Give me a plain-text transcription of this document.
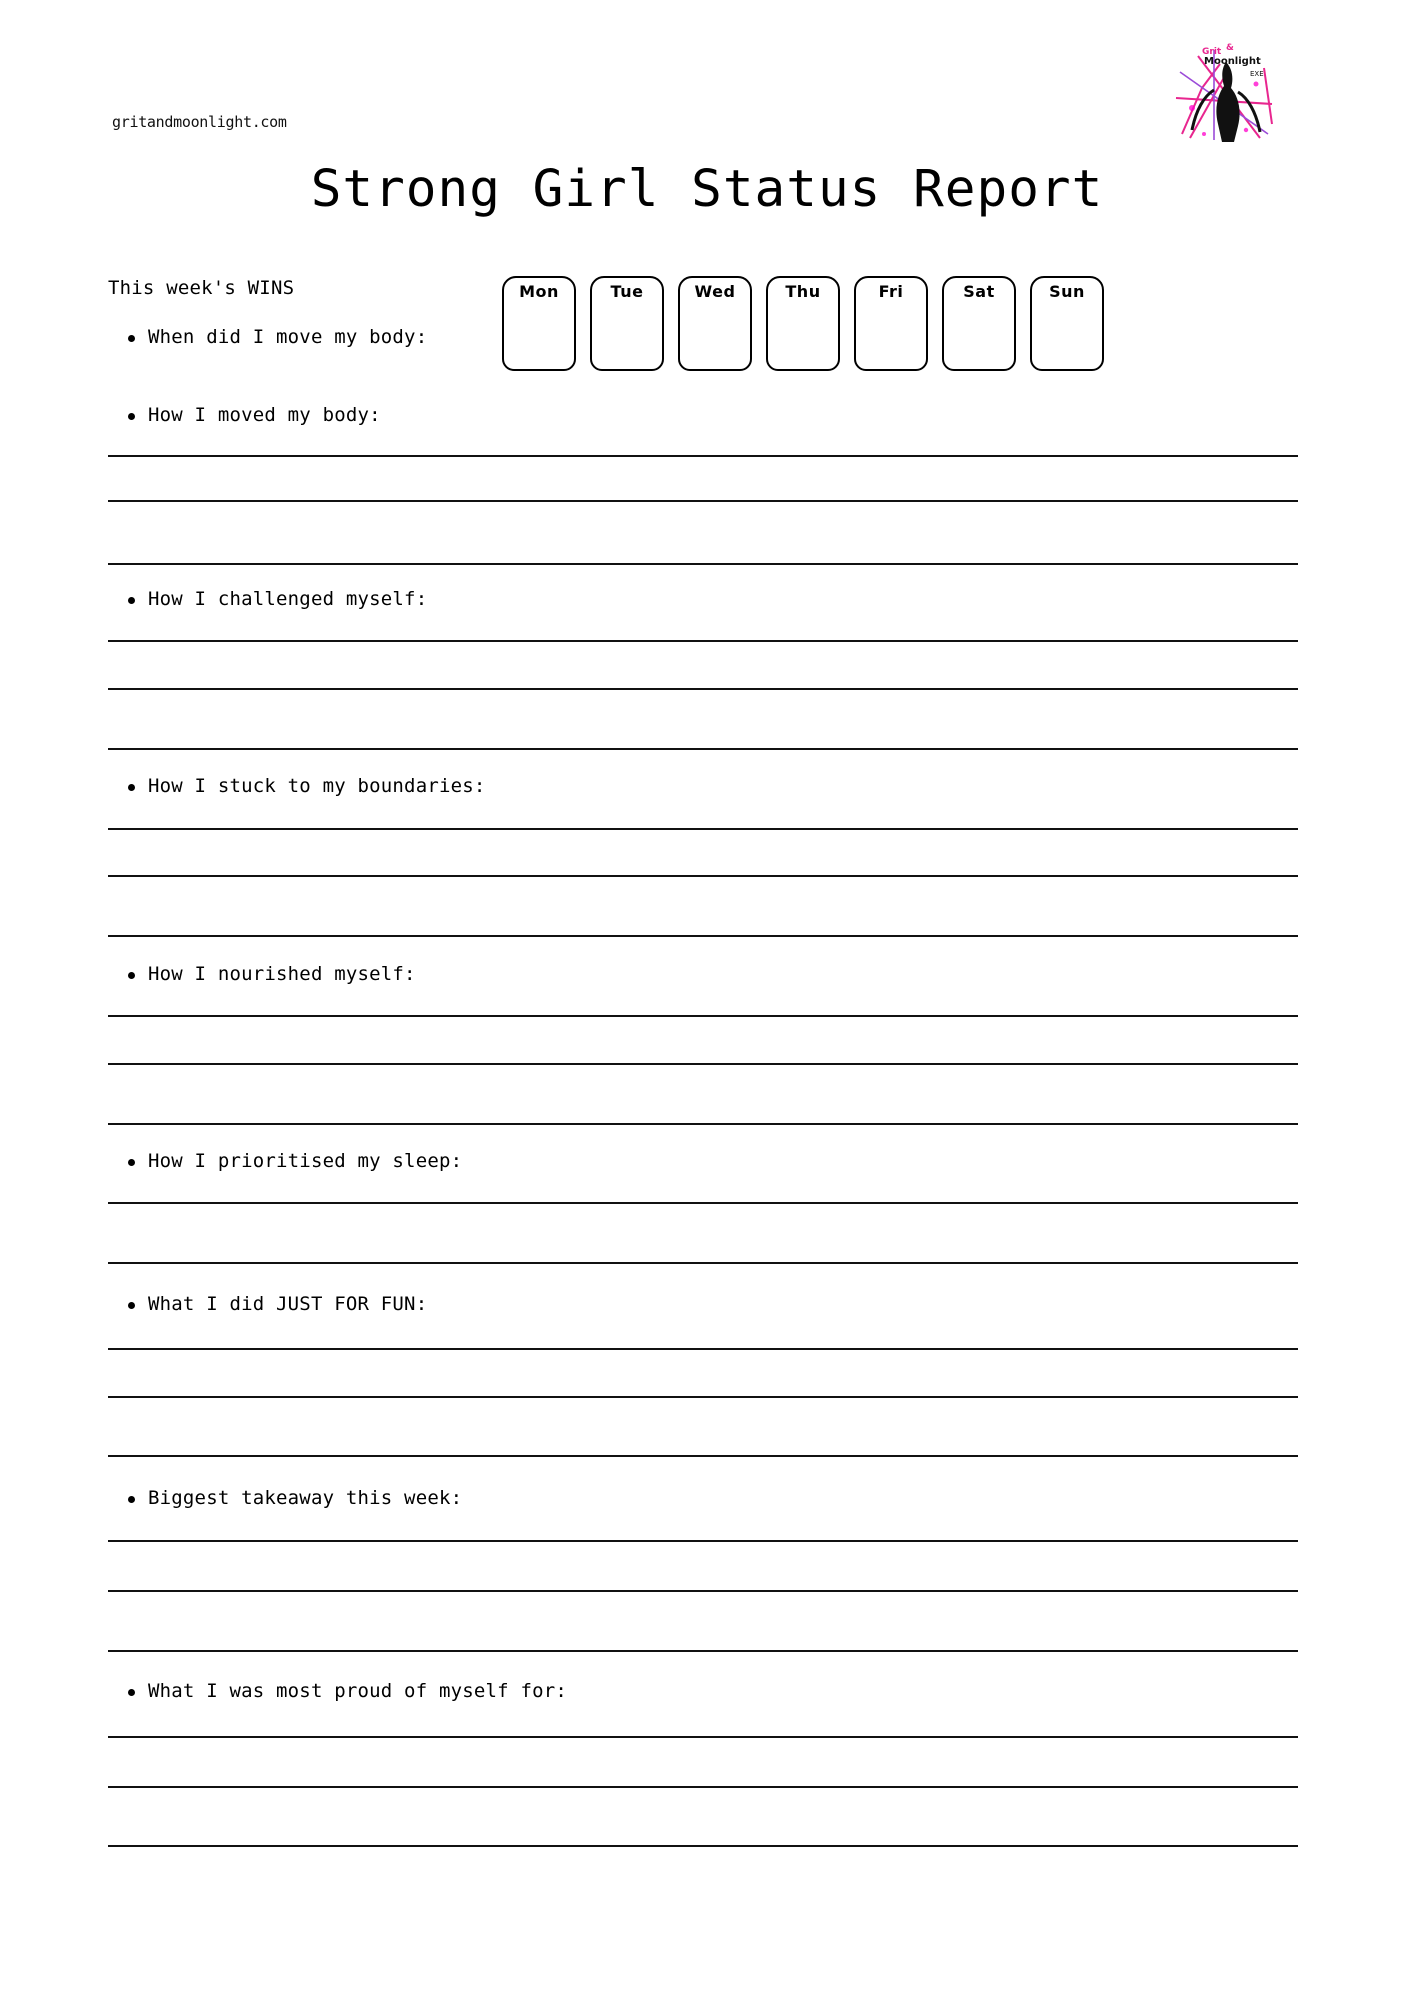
gritandmoonlight.com
Grit &
Moonlight
EXE
Strong Girl Status Report
This week's WINS	Mon	Tue	Wed	Thu	Fri	Sat	Sun
When did I move my body:
How I moved my body:
How I challenged myself:
How I stuck to my boundaries:
How I nourished myself:
How I prioritised my sleep:
What I did JUST FOR FUN:
Biggest takeaway this week:
What I was most proud of myself for:
